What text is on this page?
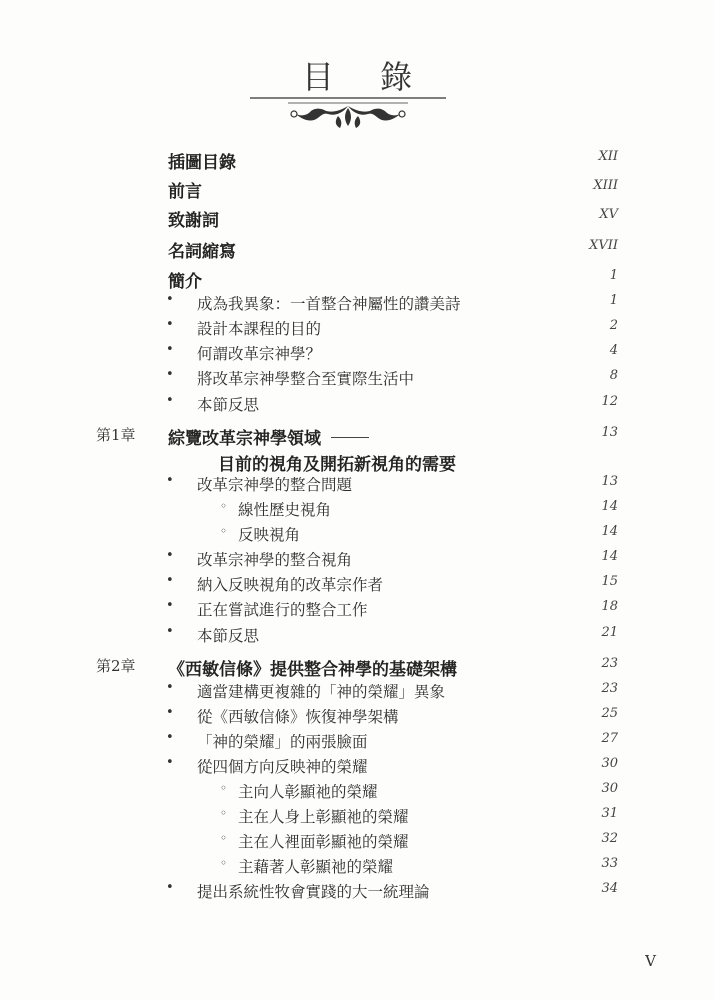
目 錄
插圖目錄	XII
前言	XIII
致謝詞	XV
名詞縮寫	XVII
簡介	1
• 成為我異象：一首整合神屬性的讚美詩	1
• 設計本課程的目的	2
• 何謂改革宗神學？	4
• 將改革宗神學整合至實際生活中	8
• 本節反思	12
第1章 綜覽改革宗神學領域	13
目前的視角及開拓新視角的需要
• 改革宗神學的整合問題	13
◦ 線性歷史視角	14
◦ 反映視角	14
• 改革宗神學的整合視角	14
• 納入反映視角的改革宗作者	15
• 正在嘗試進行的整合工作	18
• 本節反思	21
第2章 《西敏信條》提供整合神學的基礎架構	23
• 適當建構更複雜的「神的榮耀」異象	23
• 從《西敏信條》恢復神學架構	25
• 「神的榮耀」的兩張臉面	27
• 從四個方向反映神的榮耀	30
◦ 主向人彰顯祂的榮耀	30
◦ 主在人身上彰顯祂的榮耀	31
◦ 主在人裡面彰顯祂的榮耀	32
◦ 主藉著人彰顯祂的榮耀	33
• 提出系統性牧會實踐的大一統理論	34
V
